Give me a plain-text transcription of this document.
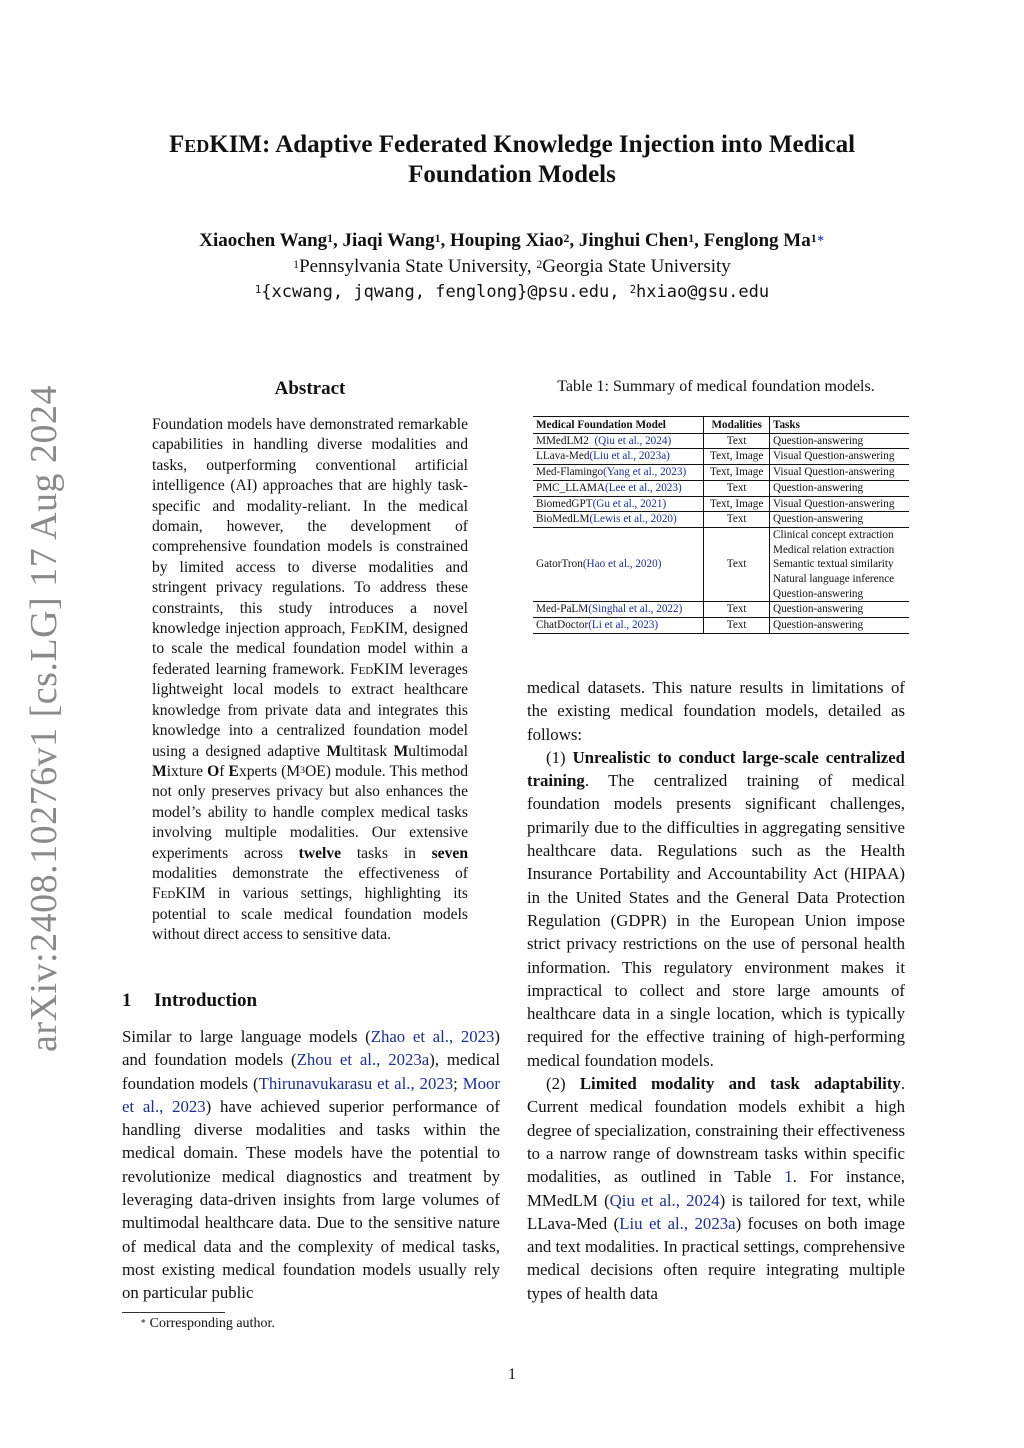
arXiv:2408.10276v1 [cs.LG] 17 Aug 2024
FedKIM: Adaptive Federated Knowledge Injection into Medical
Foundation Models
Xiaochen Wang$^1$, Jiaqi Wang$^1$, Houping Xiao$^2$, Jinghui Chen$^1$, Fenglong $Ma^{1∗}$
$^1$Pennsylvania State University, $^2$Georgia State University
$^1${xcwang, jqwang, fenglong}@psu.edu, $^2$hxiao@gsu.edu
Abstract
Foundation models have demonstrated remarkable capabilities in handling diverse modalities and tasks, outperforming conventional artificial intelligence (AI) approaches that are highly task-specific and modality-reliant. In the medical domain, however, the development of comprehensive foundation models is constrained by limited access to diverse modalities and stringent privacy regulations. To address these constraints, this study introduces a novel knowledge injection approach, FedKIM, designed to scale the medical foundation model within a federated learning framework. FedKIM leverages lightweight local models to extract healthcare knowledge from private data and integrates this knowledge into a centralized foundation model using a designed adaptive Multitask Multimodal Mixture Of Experts $(M^3OE)$ module. This method not only preserves privacy but also enhances the model’s ability to handle complex medical tasks involving multiple modalities. Our extensive experiments across twelve tasks in seven modalities demonstrate the effectiveness of FedKIM in various settings, highlighting its potential to scale medical foundation models without direct access to sensitive data.
1 Introduction
Similar to large language models (Zhao et al., 2023) and foundation models (Zhou et al., 2023a), medical foundation models (Thirunavukarasu et al., 2023; Moor et al., 2023) have achieved superior performance of handling diverse modalities and tasks within the medical domain. These models have the potential to revolutionize medical diagnostics and treatment by leveraging data-driven insights from large volumes of multimodal healthcare data. Due to the sensitive nature of medical data and the complexity of medical tasks, most existing medical foundation models usually rely on particular public
∗ Corresponding author.
1
Table 1: Summary of medical foundation models.
Medical Foundation Model	Modalities	Tasks
MMedLM2  (Qiu et al., 2024)	Text	Question-answering

LLava-Med(Liu et al., 2023a)	Text, Image	Visual Question-answering

Med-Flamingo(Yang et al., 2023)	Text, Image	Visual Question-answering

PMC_LLAMA(Lee et al., 2023)	Text	Question-answering

BiomedGPT(Gu et al., 2021)	Text, Image	Visual Question-answering

BioMedLM(Lewis et al., 2020)	Text	Question-answering

GatorTron(Hao et al., 2020)	Text	Clinical concept extraction
Medical relation extraction
Semantic textual similarity
Natural language inference
Question-answering

Med-PaLM(Singhal et al., 2022)	Text	Question-answering

ChatDoctor(Li et al., 2023)	Text	Question-answering

medical datasets. This nature results in limitations of the existing medical foundation models, detailed as follows:

(1) Unrealistic to conduct large-scale centralized training. The centralized training of medical foundation models presents significant challenges, primarily due to the difficulties in aggregating sensitive healthcare data. Regulations such as the Health Insurance Portability and Accountability Act (HIPAA) in the United States and the General Data Protection Regulation (GDPR) in the European Union impose strict privacy restrictions on the use of personal health information. This regulatory environment makes it impractical to collect and store large amounts of healthcare data in a single location, which is typically required for the effective training of high-performing medical foundation models.

(2) Limited modality and task adaptability. Current medical foundation models exhibit a high degree of specialization, constraining their effectiveness to a narrow range of downstream tasks within specific modalities, as outlined in Table 1. For instance, MMedLM (Qiu et al., 2024) is tailored for text, while LLava-Med (Liu et al., 2023a) focuses on both image and text modalities. In practical settings, comprehensive medical decisions often require integrating multiple types of health data
